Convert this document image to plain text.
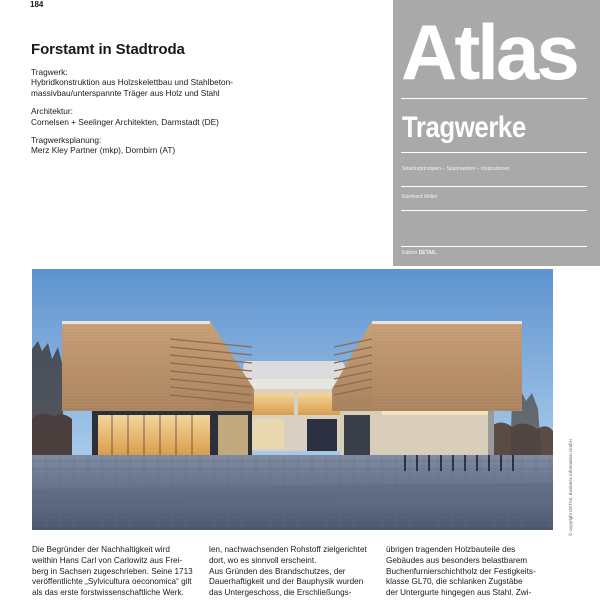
184
Forstamt in Stadtroda
Tragwerk:
Hybridkonstruktion aus Holzskelettbau und Stahlbeton-
massivbau/unterspannte Träger aus Holz und Stahl
Architektur:
Cornelsen + Seelinger Architekten, Darmstadt (DE)
Tragwerksplanung:
Merz Kley Partner (mkp), Dornbirn (AT)
Atlas
Tragwerke
Strukturprinzipien – Spannweiten – Inspirationen
Eberhard Möller
Edition DETAIL
© copyright DETAIL Business Information GmbH

Die Begründer der Nachhaltigkeit wird
weithin Hans Carl von Carlowitz aus Frei-
berg in Sachsen zugeschrieben. Seine 1713
veröffentlichte „Sylvicultura oeconomica“ gilt
als das erste forstwissenschaftliche Werk.

len, nachwachsenden Rohstoff zielgerichtet
dort, wo es sinnvoll erscheint.
Aus Gründen des Brandschutzes, der
Dauerhaftigkeit und der Bauphysik wurden
das Untergeschoss, die Erschließungs-

übrigen tragenden Holzbauteile des
Gebäudes aus besonders belastbarem
Buchenfurnierschichtholz der Festigkeits-
klasse GL70, die schlanken Zugstäbe
der Untergurte hingegen aus Stahl. Zwi-
